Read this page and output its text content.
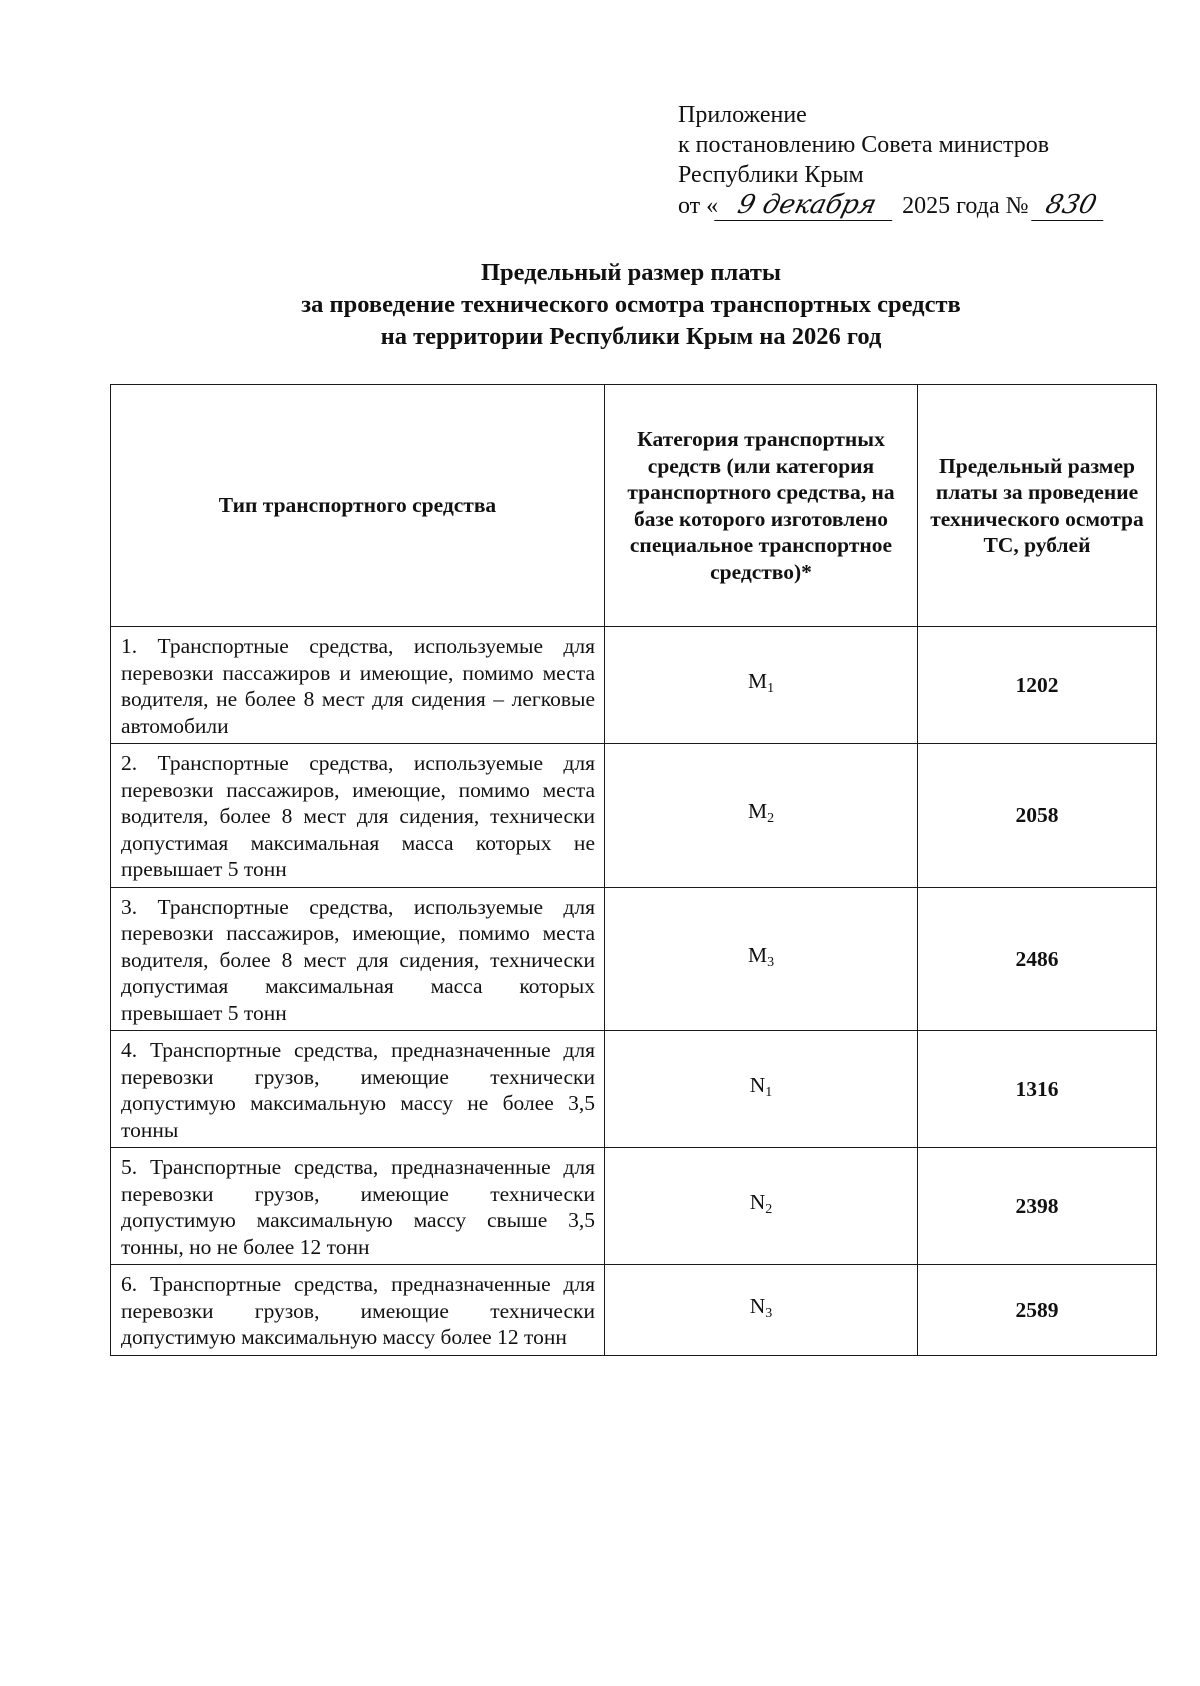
Приложение
к постановлению Совета министров
Республики Крым
от « 9 декабря 2025 года № 830
Предельный размер платы
за проведение технического осмотра транспортных средств
на территории Республики Крым на 2026 год
Тип транспортного средства	Категория транспортных средств (или категория транспортного средства, на базе которого изготовлено специальное транспортное средство)*	Предельный размер платы за проведение технического осмотра ТС, рублей
1. Транспортные средства, используемые для перевозки пассажиров и имеющие, помимо места водителя, не более 8 мест для сидения – легковые автомобили	$M_1$	1202
2. Транспортные средства, используемые для перевозки пассажиров, имеющие, помимо места водителя, более 8 мест для сидения, технически допустимая максимальная масса которых не превышает 5 тонн	$M_2$	2058
3. Транспортные средства, используемые для перевозки пассажиров, имеющие, помимо места водителя, более 8 мест для сидения, технически допустимая максимальная масса которых превышает 5 тонн	$M_3$	2486
4. Транспортные средства, предназначенные для перевозки грузов, имеющие технически допустимую максимальную массу не более 3,5 тонны	$N_1$	1316
5. Транспортные средства, предназначенные для перевозки грузов, имеющие технически допустимую максимальную массу свыше 3,5 тонны, но не более 12 тонн	$N_2$	2398
6. Транспортные средства, предназначенные для перевозки грузов, имеющие технически допустимую максимальную массу более 12 тонн	$N_3$	2589
